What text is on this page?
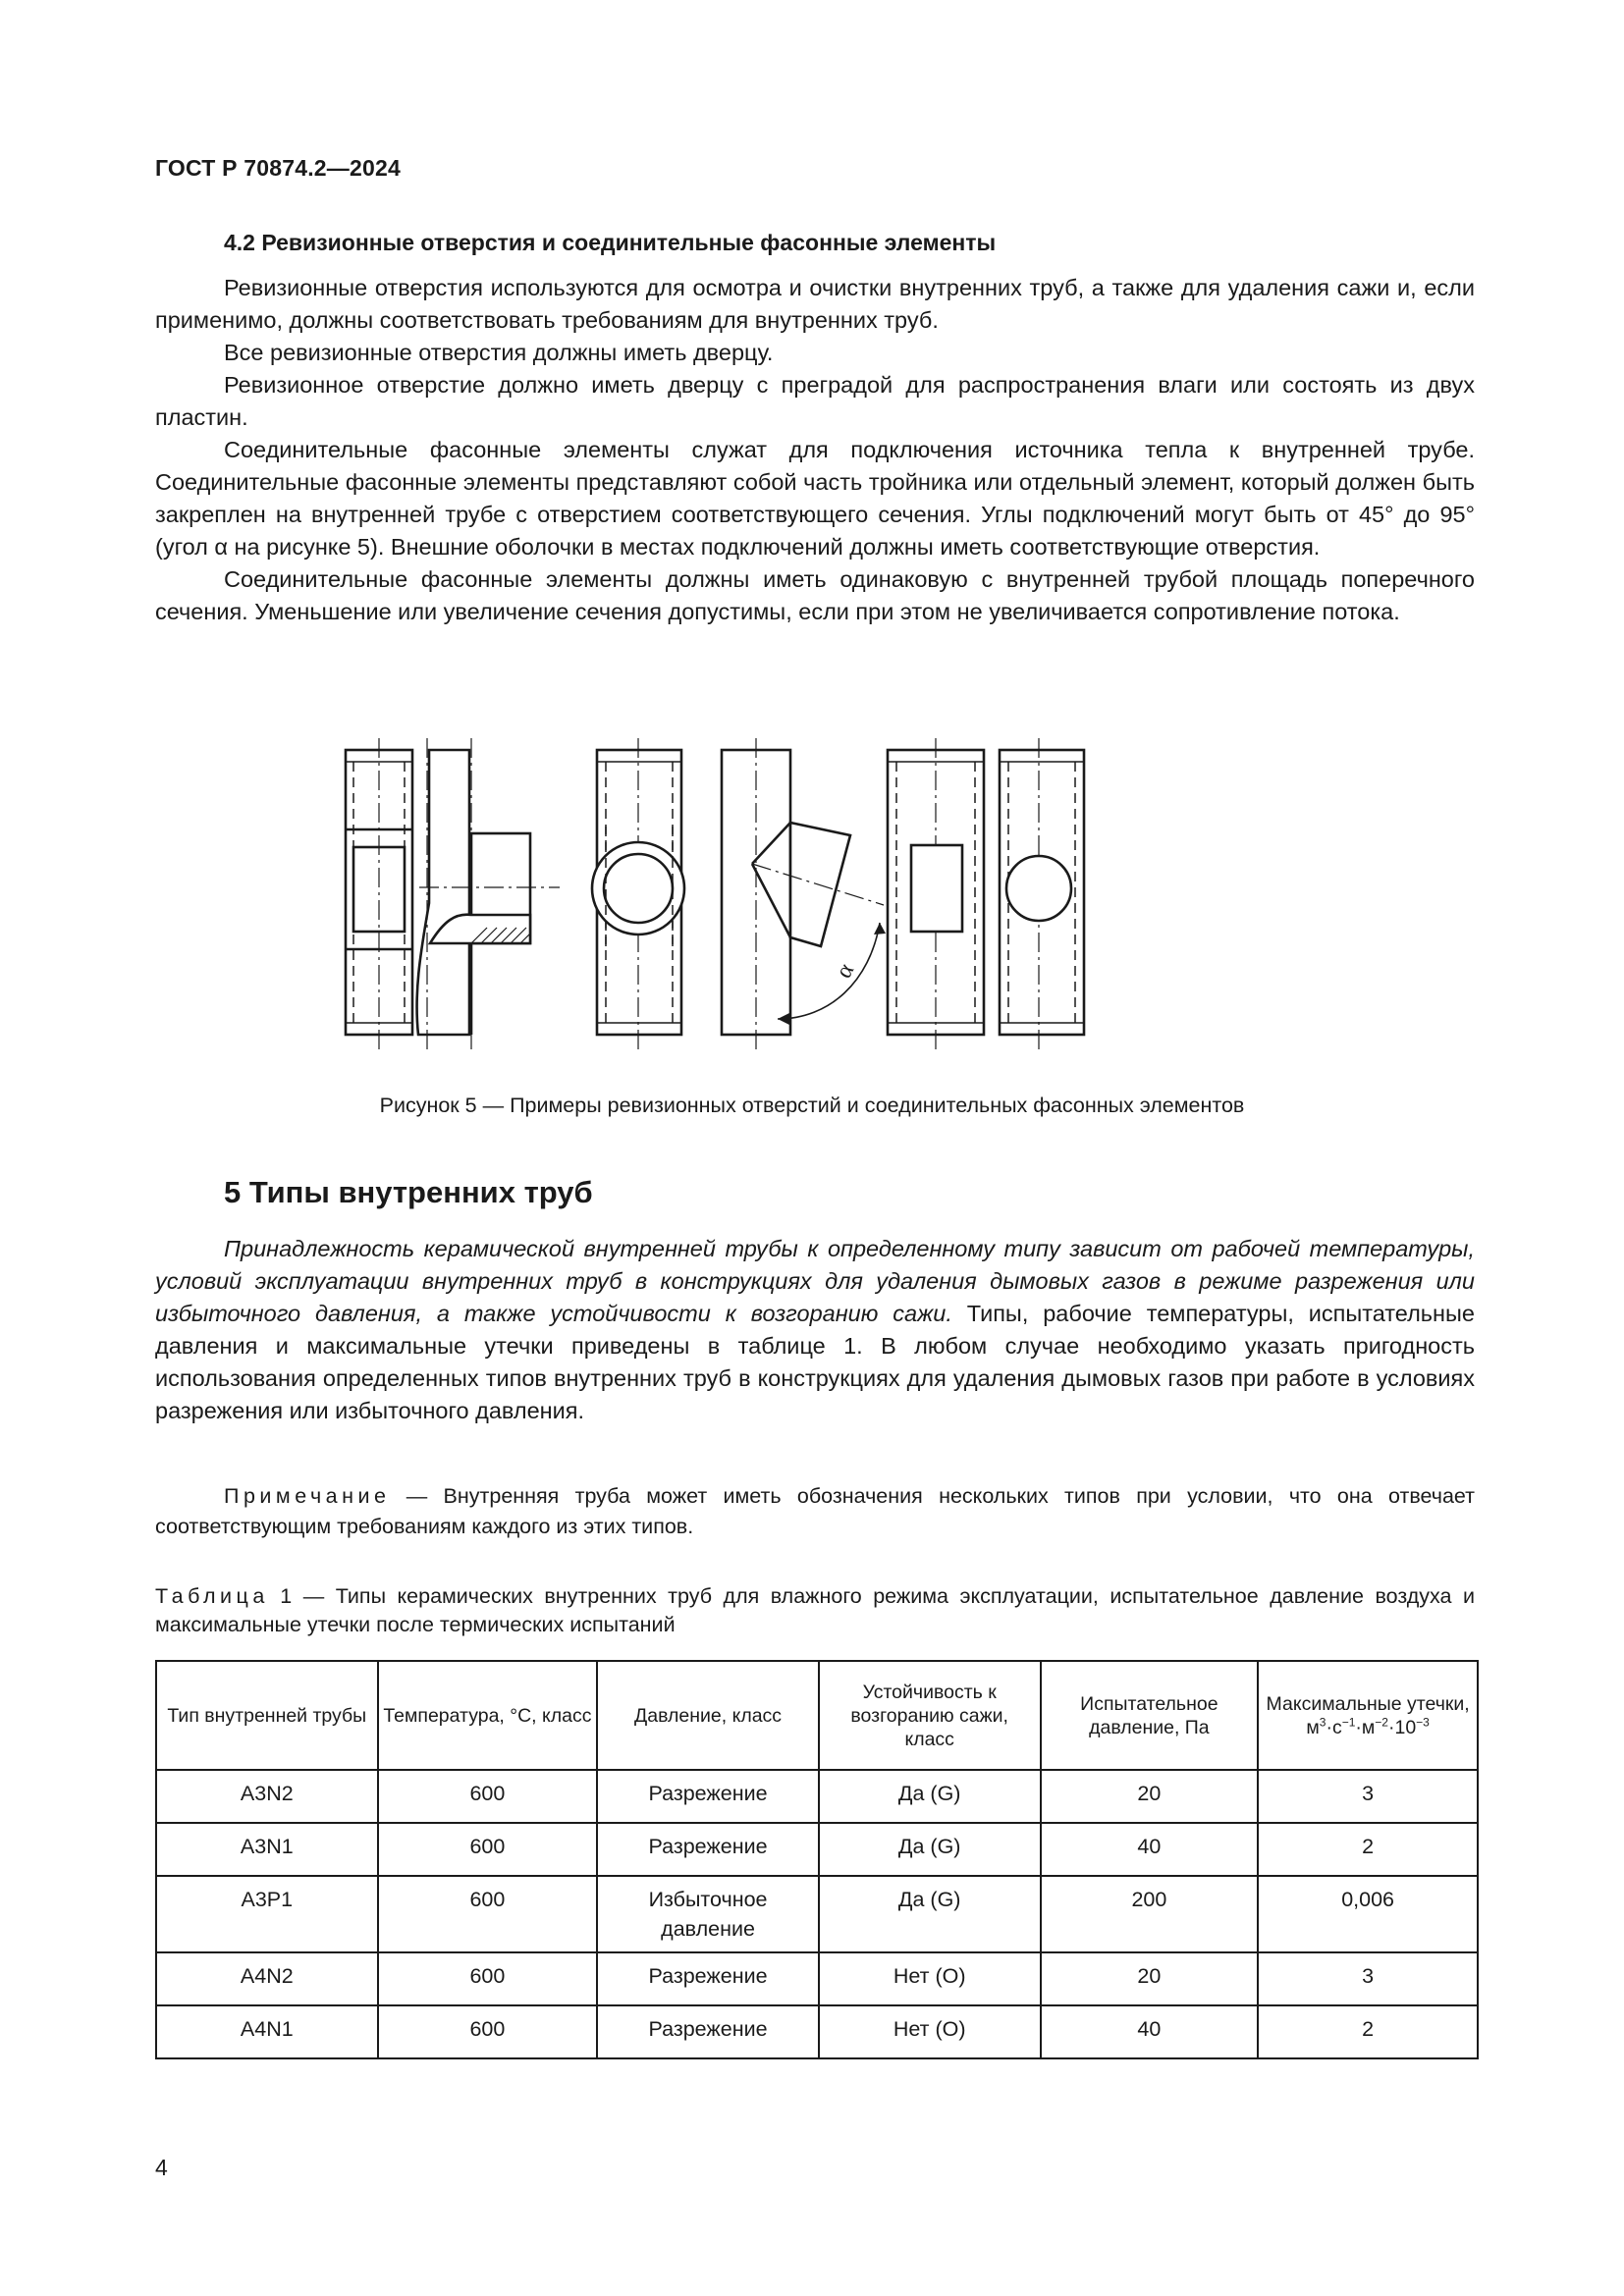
ГОСТ Р 70874.2—2024
4.2 Ревизионные отверстия и соединительные фасонные элементы

Ревизионные отверстия используются для осмотра и очистки внутренних труб, а также для удаления сажи и, если применимо, должны соответствовать требованиям для внутренних труб.

Все ревизионные отверстия должны иметь дверцу.

Ревизионное отверстие должно иметь дверцу с преградой для распространения влаги или состоять из двух пластин.

Соединительные фасонные элементы служат для подключения источника тепла к внутренней трубе. Соединительные фасонные элементы представляют собой часть тройника или отдельный элемент, который должен быть закреплен на внутренней трубе с отверстием соответствующего сечения. Углы подключений могут быть от 45° до 95° (угол α на рисунке 5). Внешние оболочки в местах подключений должны иметь соответствующие отверстия.

Соединительные фасонные элементы должны иметь одинаковую с внутренней трубой площадь поперечного сечения. Уменьшение или увеличение сечения допустимы, если при этом не увеличивается сопротивление потока.

α
Рисунок 5 — Примеры ревизионных отверстий и соединительных фасонных элементов
5 Типы внутренних труб

Принадлежность керамической внутренней трубы к определенному типу зависит от рабочей температуры, условий эксплуатации внутренних труб в конструкциях для удаления дымовых газов в режиме разрежения или избыточного давления, а также устойчивости к возгоранию сажи. Типы, рабочие температуры, испытательные давления и максимальные утечки приведены в таблице 1. В любом случае необходимо указать пригодность использования определенных типов внутренних труб в конструкциях для удаления дымовых газов при работе в условиях разрежения или избыточного давления.

Примечание — Внутренняя труба может иметь обозначения нескольких типов при условии, что она отвечает соответствующим требованиям каждого из этих типов.

Таблица 1 — Типы керамических внутренних труб для влажного режима эксплуатации, испытательное давление воздуха и максимальные утечки после термических испытаний
Тип внутренней трубы	Температура, °С, класс	Давление, класс	Устойчивость к возгоранию сажи, класс	Испытательное давление, Па	Максимальные утечки,
$м^3\cdot с^{-1}\cdot м^{-2}\cdot 10^{-3}$
A3N2	600	Разрежение	Да (G)	20	3
A3N1	600	Разрежение	Да (G)	40	2
A3P1	600	Избыточное давление	Да (G)	200	0,006
A4N2	600	Разрежение	Нет (O)	20	3
A4N1	600	Разрежение	Нет (O)	40	2
4
